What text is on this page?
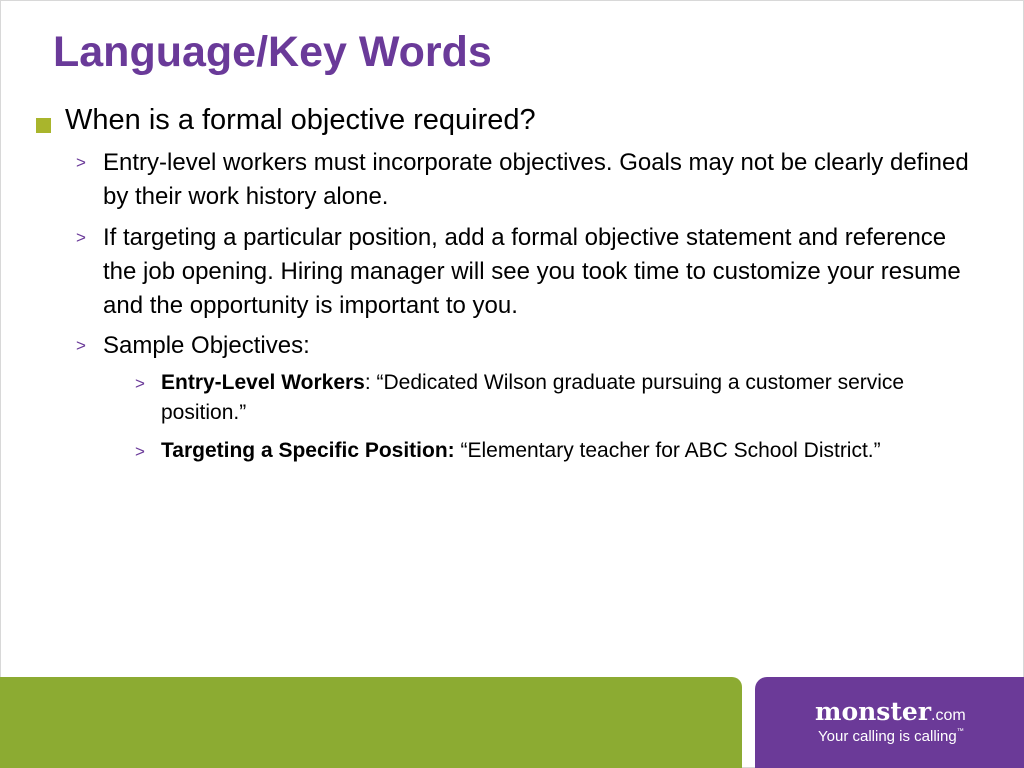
Language/Key Words
When is a formal objective required?
> Entry-level workers must incorporate objectives. Goals may not be clearly defined by their work history alone.
> If targeting a particular position, add a formal objective statement and reference the job opening. Hiring manager will see you took time to customize your resume and the opportunity is important to you.
> Sample Objectives:
> Entry-Level Workers: “Dedicated Wilson graduate pursuing a customer service position.”
> Targeting a Specific Position: “Elementary teacher for ABC School District.”
monster.com
Your calling is calling™
